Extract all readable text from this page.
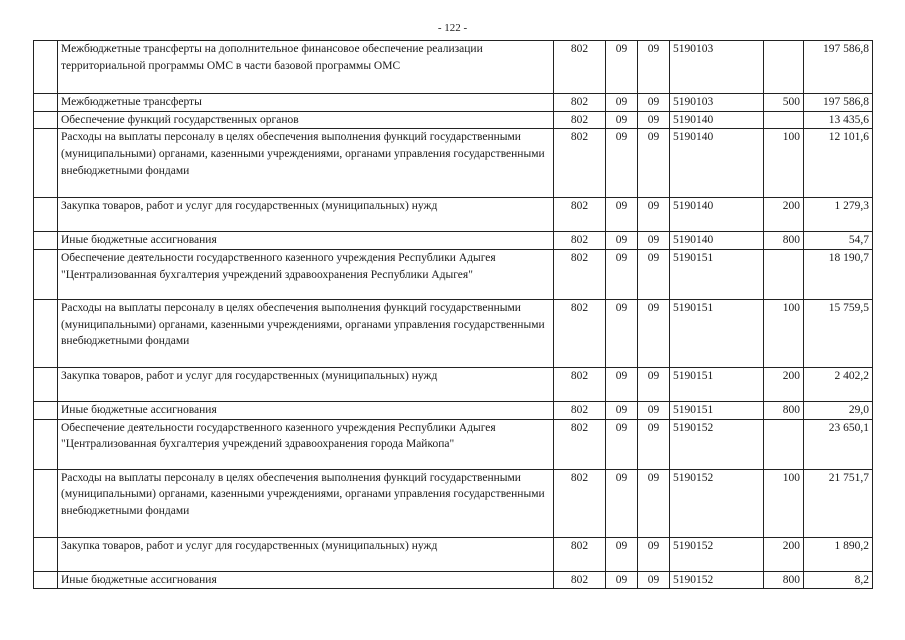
- 122 -
	Межбюджетные трансферты на дополнительное финансовое обеспечение реализации территориальной программы ОМС в части базовой программы ОМС	802	09	09	5190103		197 586,8
	Межбюджетные трансферты	802	09	09	5190103	500	197 586,8
	Обеспечение функций государственных органов	802	09	09	5190140		13 435,6
	Расходы на выплаты персоналу в целях обеспечения выполнения функций государственными (муниципальными) органами, казенными учреждениями, органами управления государственными внебюджетными фондами	802	09	09	5190140	100	12 101,6
	Закупка товаров, работ и услуг для государственных (муниципальных) нужд	802	09	09	5190140	200	1 279,3
	Иные бюджетные ассигнования	802	09	09	5190140	800	54,7
	Обеспечение деятельности государственного казенного учреждения Республики Адыгея "Централизованная бухгалтерия учреждений здравоохранения Республики Адыгея"	802	09	09	5190151		18 190,7
	Расходы на выплаты персоналу в целях обеспечения выполнения функций государственными (муниципальными) органами, казенными учреждениями, органами управления государственными внебюджетными фондами	802	09	09	5190151	100	15 759,5
	Закупка товаров, работ и услуг для государственных (муниципальных) нужд	802	09	09	5190151	200	2 402,2
	Иные бюджетные ассигнования	802	09	09	5190151	800	29,0
	Обеспечение деятельности государственного казенного учреждения Республики Адыгея "Централизованная бухгалтерия учреждений здравоохранения города Майкопа"	802	09	09	5190152		23 650,1
	Расходы на выплаты персоналу в целях обеспечения выполнения функций государственными (муниципальными) органами, казенными учреждениями, органами управления государственными внебюджетными фондами	802	09	09	5190152	100	21 751,7
	Закупка товаров, работ и услуг для государственных (муниципальных) нужд	802	09	09	5190152	200	1 890,2
	Иные бюджетные ассигнования	802	09	09	5190152	800	8,2
